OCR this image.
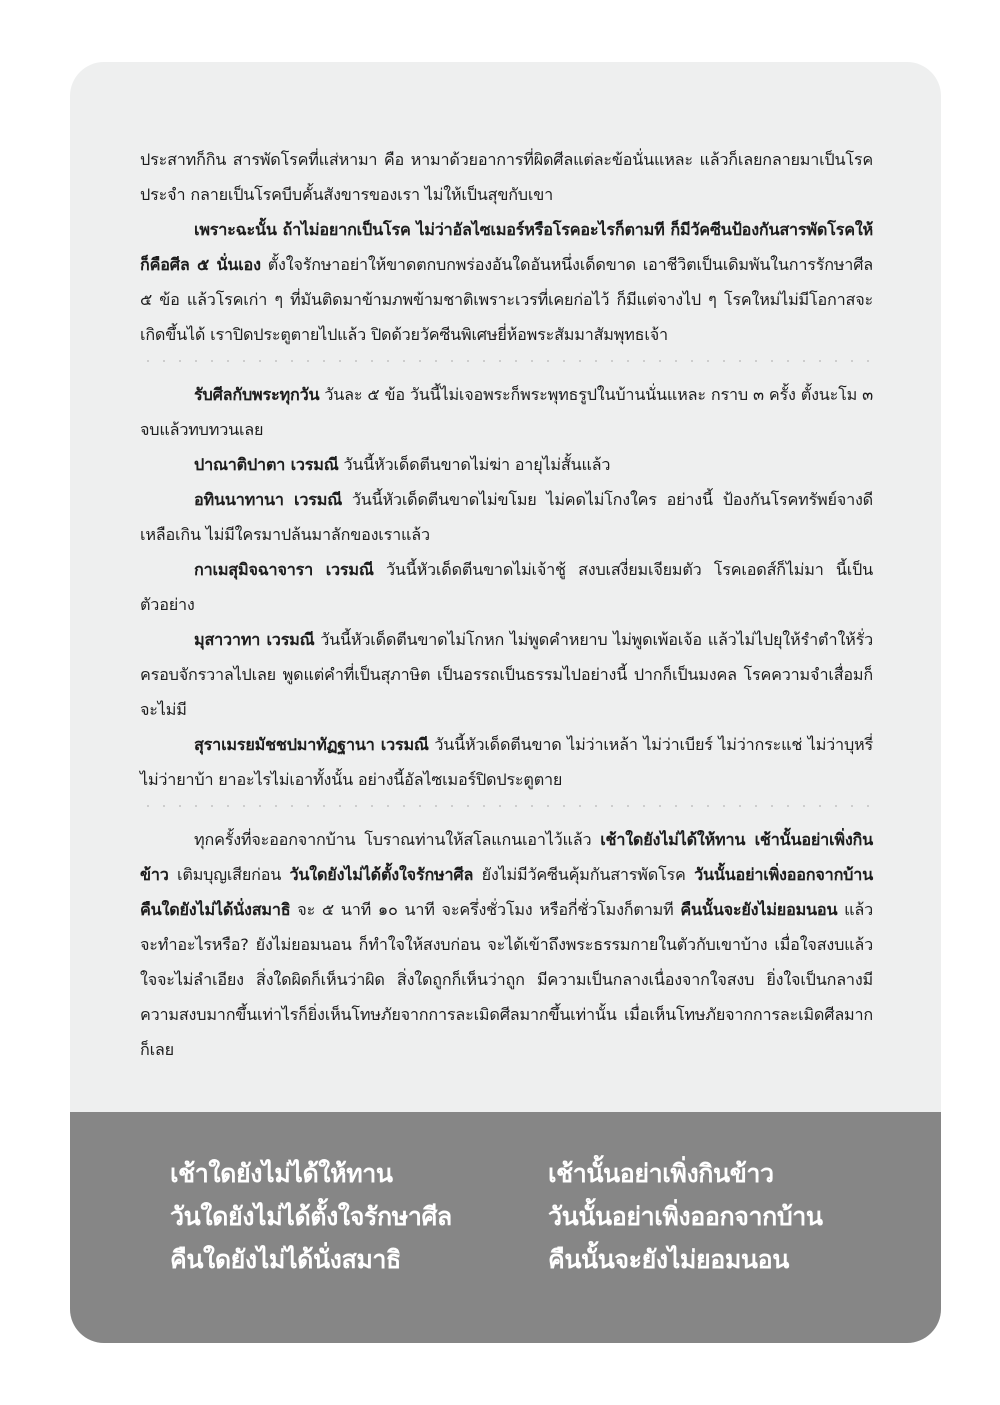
ประสาทก็กิน สารพัดโรคที่แส่หามา คือ หามาด้วยอาการที่ผิดศีลแต่ละข้อนั่นแหละ แล้วก็เลยกลายมาเป็นโรคประจำ กลายเป็นโรคบีบคั้นสังขารของเรา ไม่ให้เป็นสุขกับเขา

เพราะฉะนั้น ถ้าไม่อยากเป็นโรค ไม่ว่าอัลไซเมอร์หรือโรคอะไรก็ตามที ก็มีวัคซีนป้องกันสารพัดโรคให้ ก็คือศีล ๕ นั่นเอง ตั้งใจรักษาอย่าให้ขาดตกบกพร่องอันใดอันหนึ่งเด็ดขาด เอาชีวิตเป็นเดิมพันในการรักษาศีล ๕ ข้อ แล้วโรคเก่า ๆ ที่มันติดมาข้ามภพข้ามชาติเพราะเวรที่เคยก่อไว้ ก็มีแต่จางไป ๆ โรคใหม่ไม่มีโอกาสจะเกิดขึ้นได้ เราปิดประตูตายไปแล้ว ปิดด้วยวัคซีนพิเศษยี่ห้อพระสัมมาสัมพุทธเจ้า

รับศีลกับพระทุกวัน วันละ ๕ ข้อ วันนี้ไม่เจอพระก็พระพุทธรูปในบ้านนั่นแหละ กราบ ๓ ครั้ง ตั้งนะโม ๓ จบแล้วทบทวนเลย

ปาณาติปาตา เวรมณี วันนี้หัวเด็ดตีนขาดไม่ฆ่า อายุไม่สั้นแล้ว

อทินนาทานา เวรมณี วันนี้หัวเด็ดตีนขาดไม่ขโมย ไม่คดไม่โกงใคร อย่างนี้ ป้องกันโรคทรัพย์จางดีเหลือเกิน ไม่มีใครมาปล้นมาลักของเราแล้ว

กาเมสุมิจฉาจารา เวรมณี วันนี้หัวเด็ดตีนขาดไม่เจ้าชู้ สงบเสงี่ยมเจียมตัว โรคเอดส์ก็ไม่มา นี้เป็นตัวอย่าง

มุสาวาทา เวรมณี วันนี้หัวเด็ดตีนขาดไม่โกหก ไม่พูดคำหยาบ ไม่พูดเพ้อเจ้อ แล้วไม่ไปยุให้รำตำให้รั่ว ครอบจักรวาลไปเลย พูดแต่คำที่เป็นสุภาษิต เป็นอรรถเป็นธรรมไปอย่างนี้ ปากก็เป็นมงคล โรคความจำเสื่อมก็จะไม่มี

สุราเมรยมัชชปมาทัฏฐานา เวรมณี วันนี้หัวเด็ดตีนขาด ไม่ว่าเหล้า ไม่ว่าเบียร์ ไม่ว่ากระแช่ ไม่ว่าบุหรี่ ไม่ว่ายาบ้า ยาอะไรไม่เอาทั้งนั้น อย่างนี้อัลไซเมอร์ปิดประตูตาย

ทุกครั้งที่จะออกจากบ้าน โบราณท่านให้สโลแกนเอาไว้แล้ว เช้าใดยังไม่ได้ให้ทาน เช้านั้นอย่าเพิ่งกินข้าว เติมบุญเสียก่อน วันใดยังไม่ได้ตั้งใจรักษาศีล ยังไม่มีวัคซีนคุ้มกันสารพัดโรค วันนั้นอย่าเพิ่งออกจากบ้าน คืนใดยังไม่ได้นั่งสมาธิ จะ ๕ นาที ๑๐ นาที จะครึ่งชั่วโมง หรือกี่ชั่วโมงก็ตามที คืนนั้นจะยังไม่ยอมนอน แล้วจะทำอะไรหรือ? ยังไม่ยอมนอน ก็ทำใจให้สงบก่อน จะได้เข้าถึงพระธรรมกายในตัวกับเขาบ้าง เมื่อใจสงบแล้ว ใจจะไม่ลำเอียง สิ่งใดผิดก็เห็นว่าผิด สิ่งใดถูกก็เห็นว่าถูก มีความเป็นกลางเนื่องจากใจสงบ ยิ่งใจเป็นกลางมีความสงบมากขึ้นเท่าไรก็ยิ่งเห็นโทษภัยจากการละเมิดศีลมากขึ้นเท่านั้น เมื่อเห็นโทษภัยจากการละเมิดศีลมาก ก็เลย

เช้าใดยังไม่ได้ให้ทาน
วันใดยังไม่ได้ตั้งใจรักษาศีล
คืนใดยังไม่ได้นั่งสมาธิ
เช้านั้นอย่าเพิ่งกินข้าว
วันนั้นอย่าเพิ่งออกจากบ้าน
คืนนั้นจะยังไม่ยอมนอน
